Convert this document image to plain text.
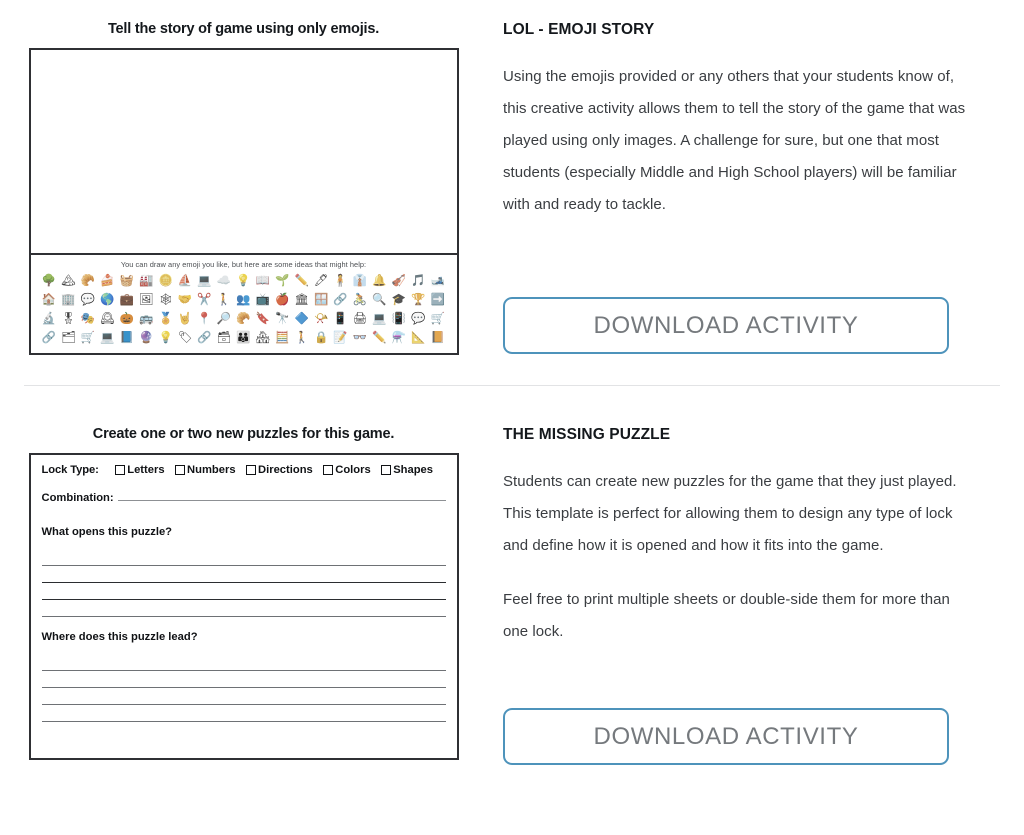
Tell the story of game using only emojis.
You can draw any emoji you like, but here are some ideas that might help:
🌳 🏔 🥐 🍰 🧺 🏭 🪙 ⛵ 💻 ☁️ 💡 📖 🌱 ✏️ 🖊 🧍 👔 🔔 🎻 🎵 🎿
🏠 🏢 💬 🌎 💼 🖼 🕸 🤝 ✂️ 🚶 👥 📺 🍎 🏛 🪟 🔗 🚴 🔍 🎓 🏆 ➡️
🔬 🎖 🎭 🕰 🎃 🚌 🏅 🤘 📍 🔎 🥐 🔖 🔭 🔷 📯 📱 🖨 💻 📳 💬 🛒
🔗 🗂 🛒 💻 📘 🔮 💡 🏷 🔗 🗃 👪 🏘 🧮 🚶 🔒 📝 👓 ✏️ ⚗️ 📐 📙
LOL - EMOJI STORY

Using the emojis provided or any others that your students know of, this creative activity allows them to tell the story of the game that was played using only images. A challenge for sure, but one that most students (especially Middle and High School players) will be familiar with and ready to tackle.

DOWNLOAD ACTIVITY
Create one or two new puzzles for this game.
Lock Type:	Letters Numbers Directions Colors Shapes
Combination:
What opens this puzzle?
Where does this puzzle lead?
THE MISSING PUZZLE

Students can create new puzzles for the game that they just played. This template is perfect for allowing them to design any type of lock and define how it is opened and how it fits into the game.

Feel free to print multiple sheets or double-side them for more than one lock.

DOWNLOAD ACTIVITY
